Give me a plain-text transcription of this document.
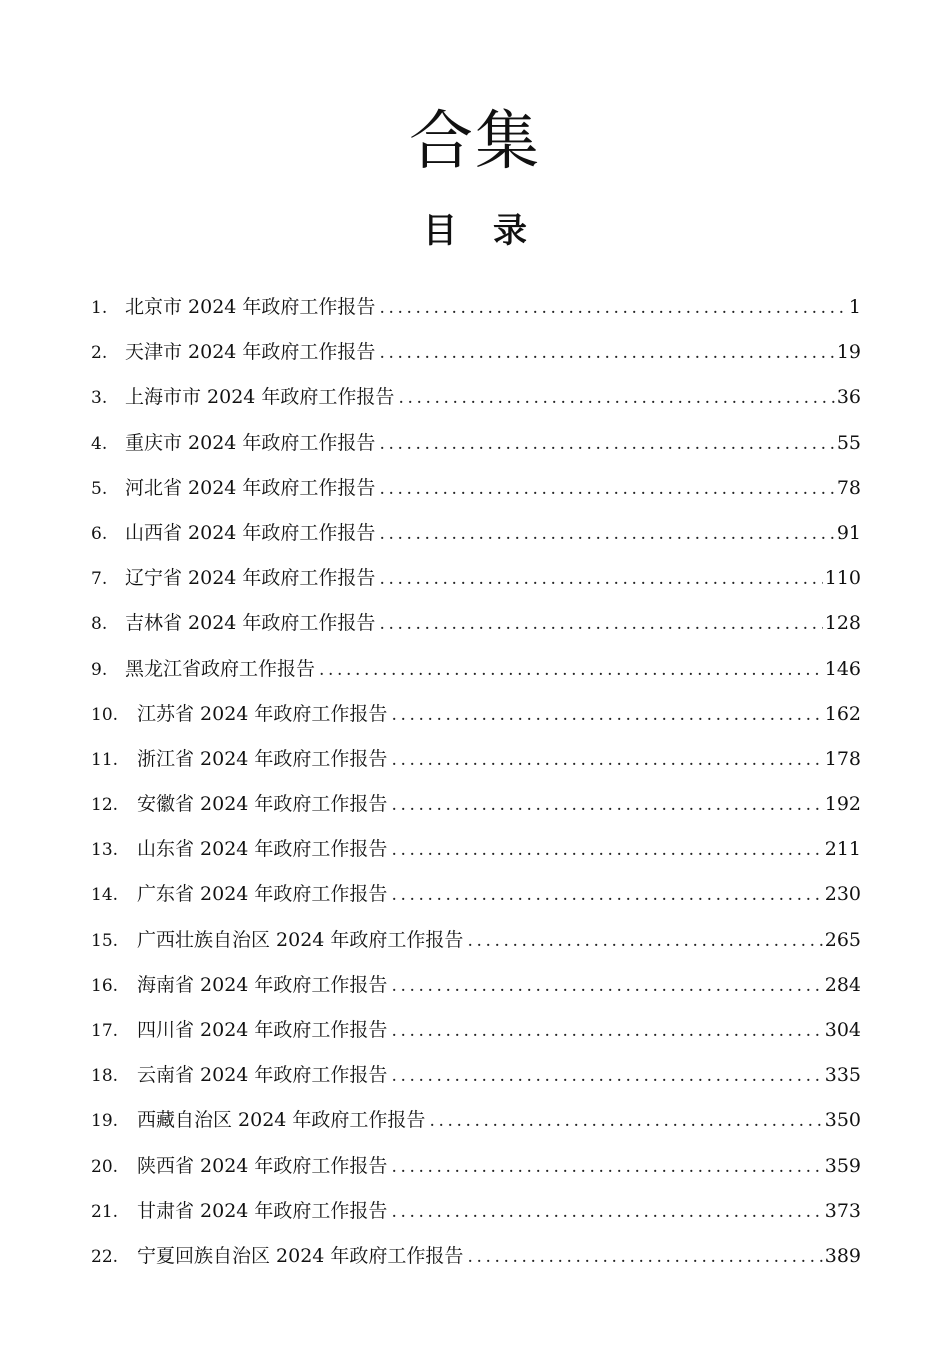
合集
目 录
1. 北京市 2024 年政府工作报告 .....	1
2. 天津市 2024 年政府工作报告 .....	19
3. 上海市市 2024 年政府工作报告 .....	36
4. 重庆市 2024 年政府工作报告 .....	55
5. 河北省 2024 年政府工作报告 .....	78
6. 山西省 2024 年政府工作报告 .....	91
7. 辽宁省 2024 年政府工作报告 .....	110
8. 吉林省 2024 年政府工作报告 .....	128
9. 黑龙江省政府工作报告 .....	146
10. 江苏省 2024 年政府工作报告 .....	162
11. 浙江省 2024 年政府工作报告 .....	178
12. 安徽省 2024 年政府工作报告 .....	192
13. 山东省 2024 年政府工作报告 .....	211
14. 广东省 2024 年政府工作报告 .....	230
15. 广西壮族自治区 2024 年政府工作报告 .....	265
16. 海南省 2024 年政府工作报告 .....	284
17. 四川省 2024 年政府工作报告 .....	304
18. 云南省 2024 年政府工作报告 .....	335
19. 西藏自治区 2024 年政府工作报告 .....	350
20. 陕西省 2024 年政府工作报告 .....	359
21. 甘肃省 2024 年政府工作报告 .....	373
22. 宁夏回族自治区 2024 年政府工作报告 .....	389
